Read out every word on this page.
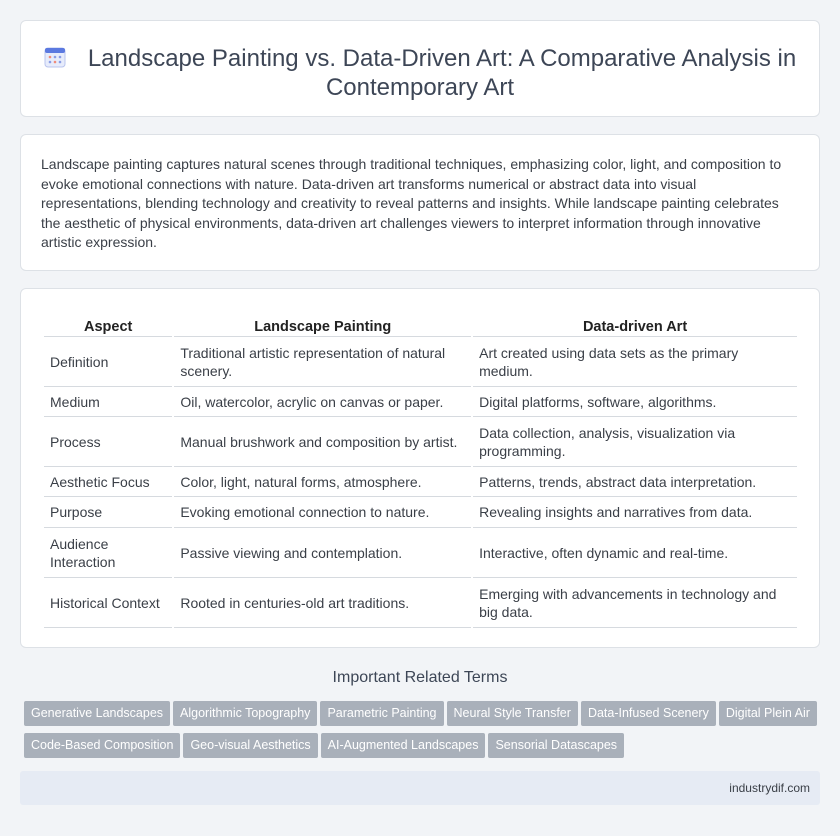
Landscape Painting vs. Data-Driven Art: A Comparative Analysis in Contemporary Art

Landscape painting captures natural scenes through traditional techniques, emphasizing color, light, and composition to evoke emotional connections with nature. Data-driven art transforms numerical or abstract data into visual representations, blending technology and creativity to reveal patterns and insights. While landscape painting celebrates the aesthetic of physical environments, data-driven art challenges viewers to interpret information through innovative artistic expression.

Aspect	Landscape Painting	Data-driven Art
Definition	Traditional artistic representation of natural scenery.	Art created using data sets as the primary medium.
Medium	Oil, watercolor, acrylic on canvas or paper.	Digital platforms, software, algorithms.
Process	Manual brushwork and composition by artist.	Data collection, analysis, visualization via programming.
Aesthetic Focus	Color, light, natural forms, atmosphere.	Patterns, trends, abstract data interpretation.
Purpose	Evoking emotional connection to nature.	Revealing insights and narratives from data.
Audience Interaction	Passive viewing and contemplation.	Interactive, often dynamic and real-time.
Historical Context	Rooted in centuries-old art traditions.	Emerging with advancements in technology and big data.
Important Related Terms
Generative Landscapes Algorithmic Topography Parametric Painting Neural Style Transfer Data-Infused Scenery Digital Plein Air
Code-Based Composition Geo-visual Aesthetics AI-Augmented Landscapes Sensorial Datascapes
industrydif.com
